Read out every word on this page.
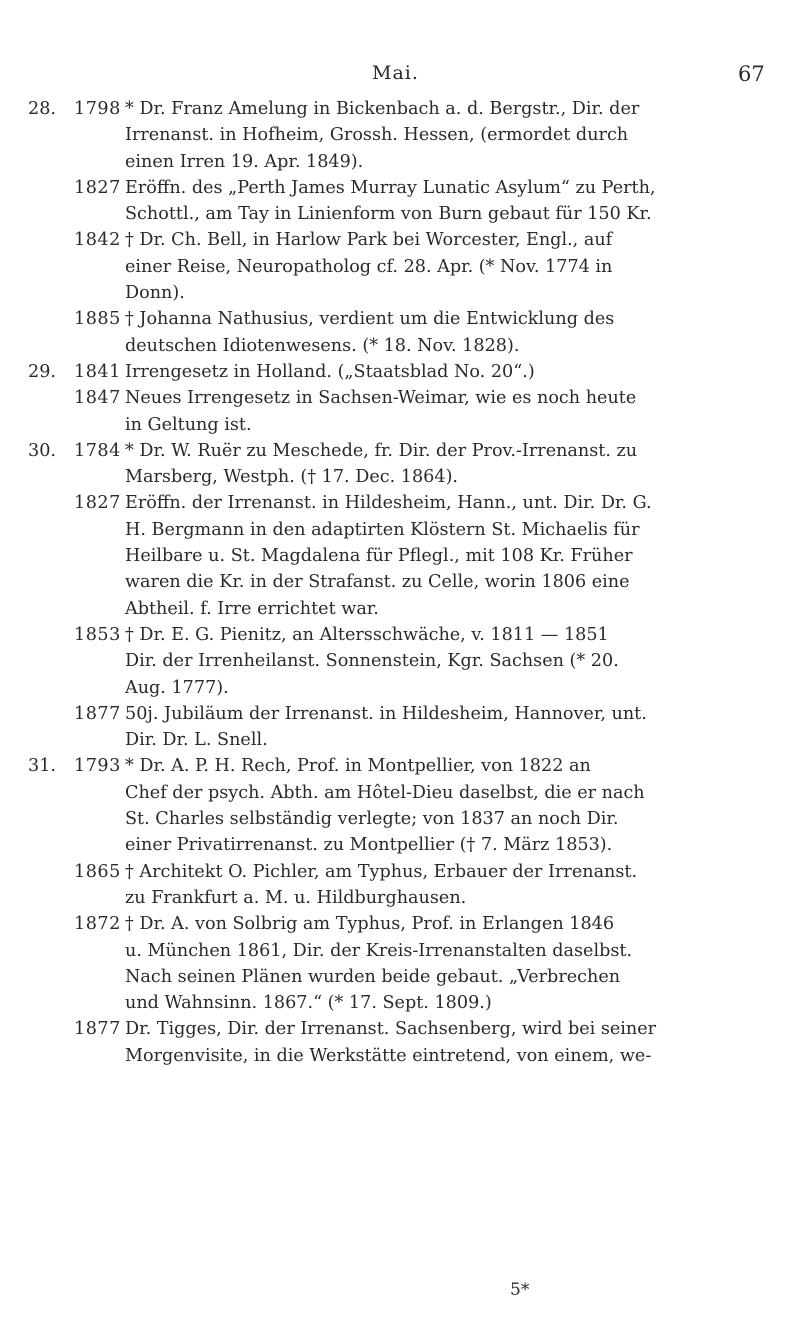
Mai.	67
28.	1798 * Dr. Franz Amelung in Bickenbach a. d. Bergstr., Dir. der
Irrenanst. in Hofheim, Grossh. Hessen, (ermordet durch
einen Irren 19. Apr. 1849).
1827 Eröffn. des „Perth James Murray Lunatic Asylum“ zu Perth,
Schottl., am Tay in Linienform von Burn gebaut für 150 Kr.
1842 † Dr. Ch. Bell, in Harlow Park bei Worcester, Engl., auf
einer Reise, Neuropatholog cf. 28. Apr. (* Nov. 1774 in
Donn).
1885 † Johanna Nathusius, verdient um die Entwicklung des
deutschen Idiotenwesens. (* 18. Nov. 1828).
29.	1841 Irrengesetz in Holland. („Staatsblad No. 20“.)
1847 Neues Irrengesetz in Sachsen-Weimar, wie es noch heute
in Geltung ist.
30.	1784 * Dr. W. Ruër zu Meschede, fr. Dir. der Prov.-Irrenanst. zu
Marsberg, Westph. († 17. Dec. 1864).
1827 Eröffn. der Irrenanst. in Hildesheim, Hann., unt. Dir. Dr. G.
H. Bergmann in den adaptirten Klöstern St. Michaelis für
Heilbare u. St. Magdalena für Pflegl., mit 108 Kr. Früher
waren die Kr. in der Strafanst. zu Celle, worin 1806 eine
Abtheil. f. Irre errichtet war.
1853 † Dr. E. G. Pienitz, an Altersschwäche, v. 1811 — 1851
Dir. der Irrenheilanst. Sonnenstein, Kgr. Sachsen (* 20.
Aug. 1777).
1877 50j. Jubiläum der Irrenanst. in Hildesheim, Hannover, unt.
Dir. Dr. L. Snell.
31.	1793 * Dr. A. P. H. Rech, Prof. in Montpellier, von 1822 an
Chef der psych. Abth. am Hôtel-Dieu daselbst, die er nach
St. Charles selbständig verlegte; von 1837 an noch Dir.
einer Privatirrenanst. zu Montpellier († 7. März 1853).
1865 † Architekt O. Pichler, am Typhus, Erbauer der Irrenanst.
zu Frankfurt a. M. u. Hildburghausen.
1872 † Dr. A. von Solbrig am Typhus, Prof. in Erlangen 1846
u. München 1861, Dir. der Kreis-Irrenanstalten daselbst.
Nach seinen Plänen wurden beide gebaut. „Verbrechen
und Wahnsinn. 1867.“ (* 17. Sept. 1809.)
1877 Dr. Tigges, Dir. der Irrenanst. Sachsenberg, wird bei seiner
Morgenvisite, in die Werkstätte eintretend, von einem, we-
5*
